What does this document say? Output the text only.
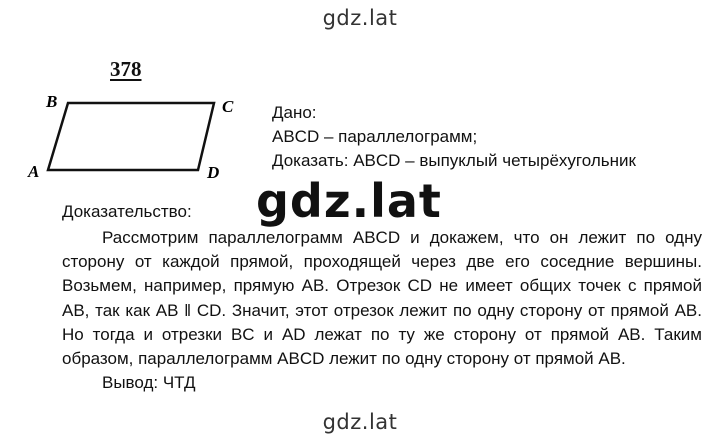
gdz.lat
378
B	C
A	D
Дано:
ABCD – параллелограмм;
Доказать: ABCD – выпуклый четырёхугольник
gdz.lat
Доказательство:

Рассмотрим параллелограмм ABCD и докажем, что он лежит по одну сторону от каждой прямой, проходящей через две его соседние вершины. Возьмем, например, прямую AB. Отрезок CD не имеет общих точек с прямой AB, так как AB ‖ CD. Значит, этот отрезок лежит по одну сторону от прямой AB. Но тогда и отрезки BC и AD лежат по ту же сторону от прямой AB. Таким образом, параллелограмм ABCD лежит по одну сторону от прямой AB.

Вывод: ЧТД

gdz.lat
